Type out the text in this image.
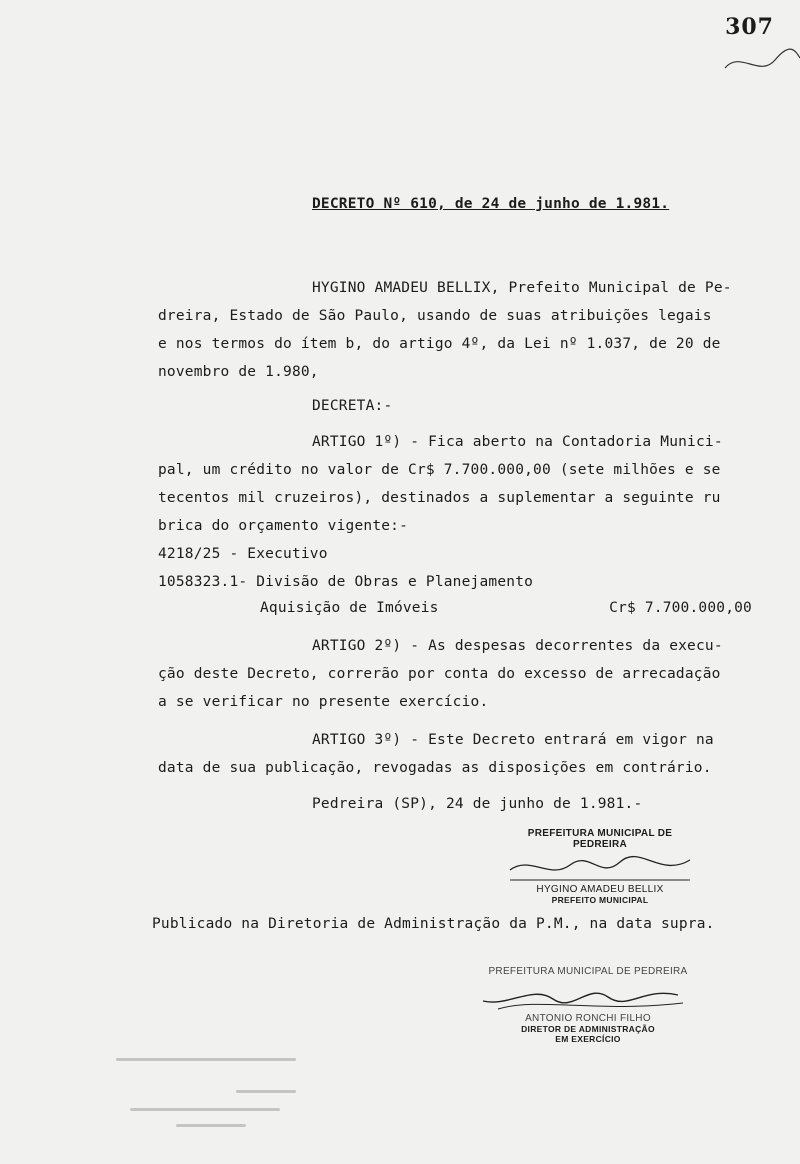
307
DECRETO Nº 610, de 24 de junho de 1.981.
HYGINO AMADEU BELLIX, Prefeito Municipal de Pe-
dreira, Estado de São Paulo, usando de suas atribuições legais
e nos termos do ítem b, do artigo 4º, da Lei nº 1.037, de 20 de
novembro de 1.980,
DECRETA:-
ARTIGO 1º) - Fica aberto na Contadoria Munici-
pal, um crédito no valor de Cr$ 7.700.000,00 (sete milhões e se
tecentos mil cruzeiros), destinados a suplementar a seguinte ru
brica do orçamento vigente:-
4218/25 - Executivo
1058323.1- Divisão de Obras e Planejamento
Aquisição de Imóveis	Cr$ 7.700.000,00
ARTIGO 2º) - As despesas decorrentes da execu-
ção deste Decreto, correrão por conta do excesso de arrecadação
a se verificar no presente exercício.
ARTIGO 3º) - Este Decreto entrará em vigor na
data de sua publicação, revogadas as disposições em contrário.
Pedreira (SP), 24 de junho de 1.981.-
PREFEITURA MUNICIPAL DE PEDREIRA
HYGINO AMADEU BELLIX
PREFEITO MUNICIPAL
Publicado na Diretoria de Administração da P.M., na data supra.
PREFEITURA MUNICIPAL DE PEDREIRA
ANTONIO RONCHI FILHO
DIRETOR DE ADMINISTRAÇÃO
EM EXERCÍCIO
